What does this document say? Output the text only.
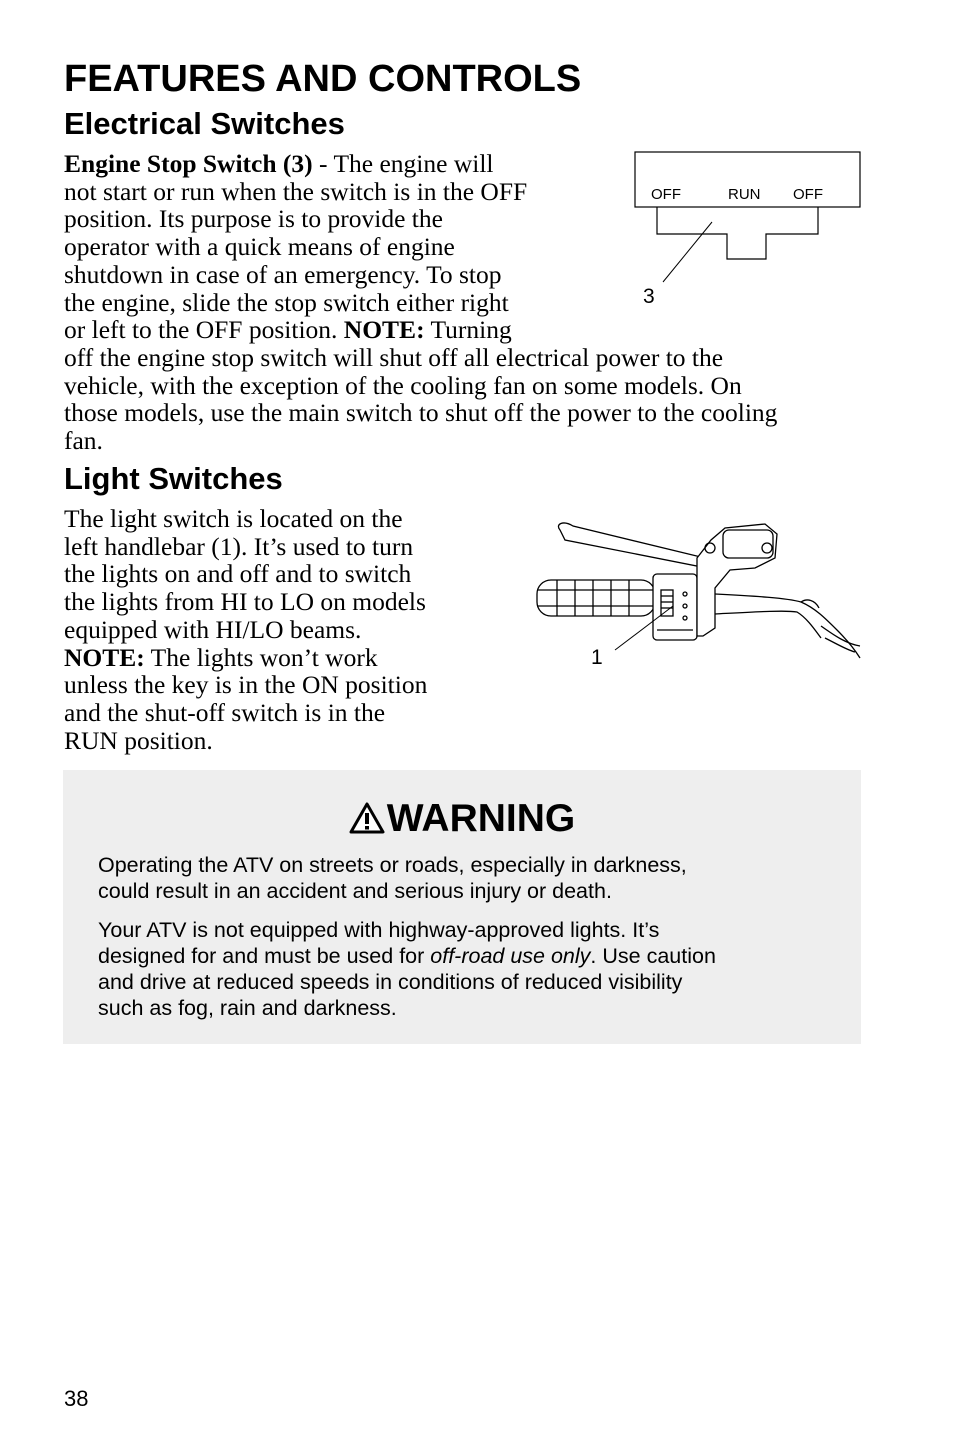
FEATURES AND CONTROLS
Electrical Switches
Engine Stop Switch (3) - The engine will
not start or run when the switch is in the OFF
position. Its purpose is to provide the
operator with a quick means of engine
shutdown in case of an emergency. To stop
the engine, slide the stop switch either right
or left to the OFF position. NOTE: Turning
off the engine stop switch will shut off all electrical power to the
vehicle, with the exception of the cooling fan on some models. On
those models, use the main switch to shut off the power to the cooling
fan.
OFF	RUN OFF
3
Light Switches
The light switch is located on the
left handlebar (1). It’s used to turn
the lights on and off and to switch
the lights from HI to LO on models
equipped with HI/LO beams.
NOTE: The lights won’t work
unless the key is in the ON position
and the shut-off switch is in the
RUN position.
1
WARNING
Operating the ATV on streets or roads, especially in darkness,
could result in an accident and serious injury or death.
Your ATV is not equipped with highway-approved lights. It’s
designed for and must be used for off-road use only. Use caution
and drive at reduced speeds in conditions of reduced visibility
such as fog, rain and darkness.
38
